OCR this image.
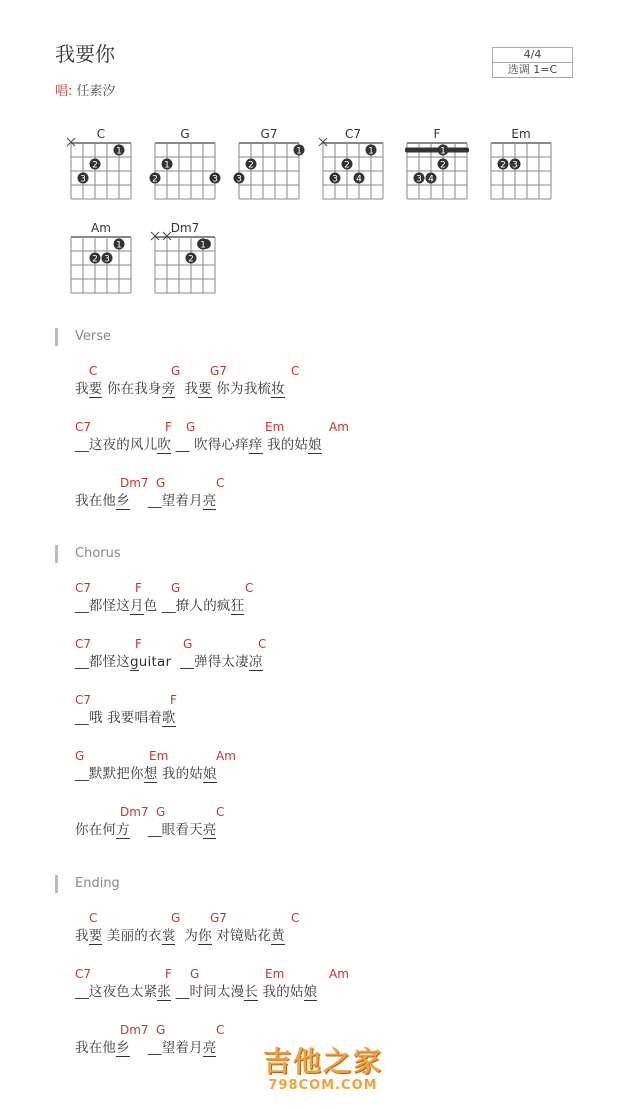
我要你
唱: 任素汐
4/4
选调 1=C
C
1
2
3
G
1
2	3
G7
1
2
3
C7
1
2
3 4
F
1
2
3 4
Em
2 3
Am
1
2 3
Dm7
1
2
Verse
C	G G7	C
我要 你在我身旁  我要 你为我梳妆
C7	F G	Em	Am
__这夜的风儿吹 __ 吹得心痒痒 我的姑娘
Dm7 G	C
我在他乡    __望着月亮
Chorus
C7	F G	C
__都怪这月色 __撩人的疯狂
C7	F	G	C
__都怪这guitar  __弹得太凄凉
C7	F
__哦 我要唱着歌
G	Em	Am
__默默把你想 我的姑娘
Dm7 G	C
你在何方    __眼看天亮
Ending
C	G G7	C
我要 美丽的衣裳  为你 对镜贴花黄
C7	F G	Em	Am
__这夜色太紧张 __时间太漫长 我的姑娘
Dm7 G	C
我在他乡    __望着月亮	吉他之家
798COM.COM
